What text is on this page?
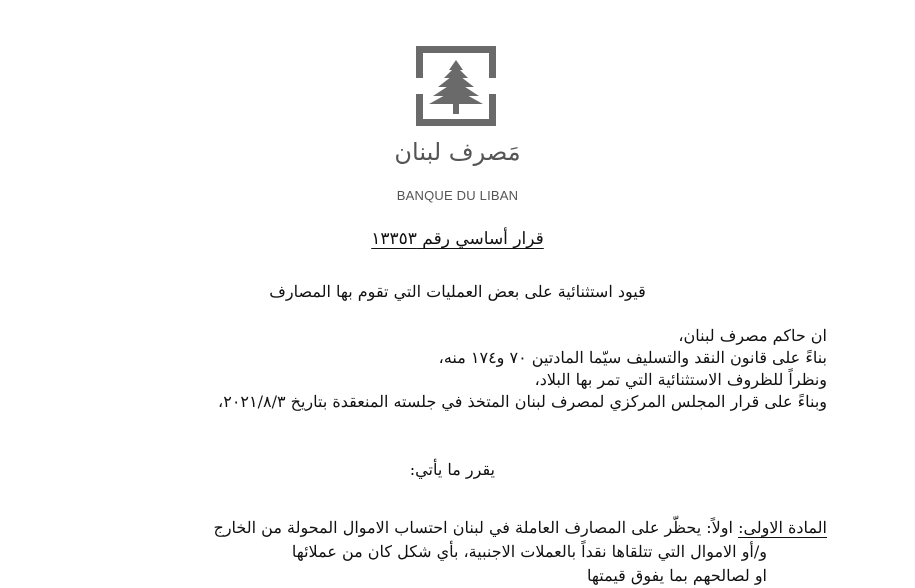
مَصرف لبنان
BANQUE DU LIBAN
قرار أساسي رقم ١٣٣٥٣
قيود استثنائية على بعض العمليات التي تقوم بها المصارف
ان حاكم مصرف لبنان،
بناءً على قانون النقد والتسليف سيّما المادتين ٧٠ و١٧٤ منه،
ونظراً للظروف الاستثنائية التي تمر بها البلاد،
وبناءً على قرار المجلس المركزي لمصرف لبنان المتخذ في جلسته المنعقدة بتاريخ ٢٠٢١/٨/٣،
يقرر ما يأتي:
المادة الاولى: اولاً: يحظّر على المصارف العاملة في لبنان احتساب الاموال المحولة من الخارج
و/أو الاموال التي تتلقاها نقداً بالعملات الاجنبية، بأي شكل كان من عملائها
او لصالحهم بما يفوق قيمتها
